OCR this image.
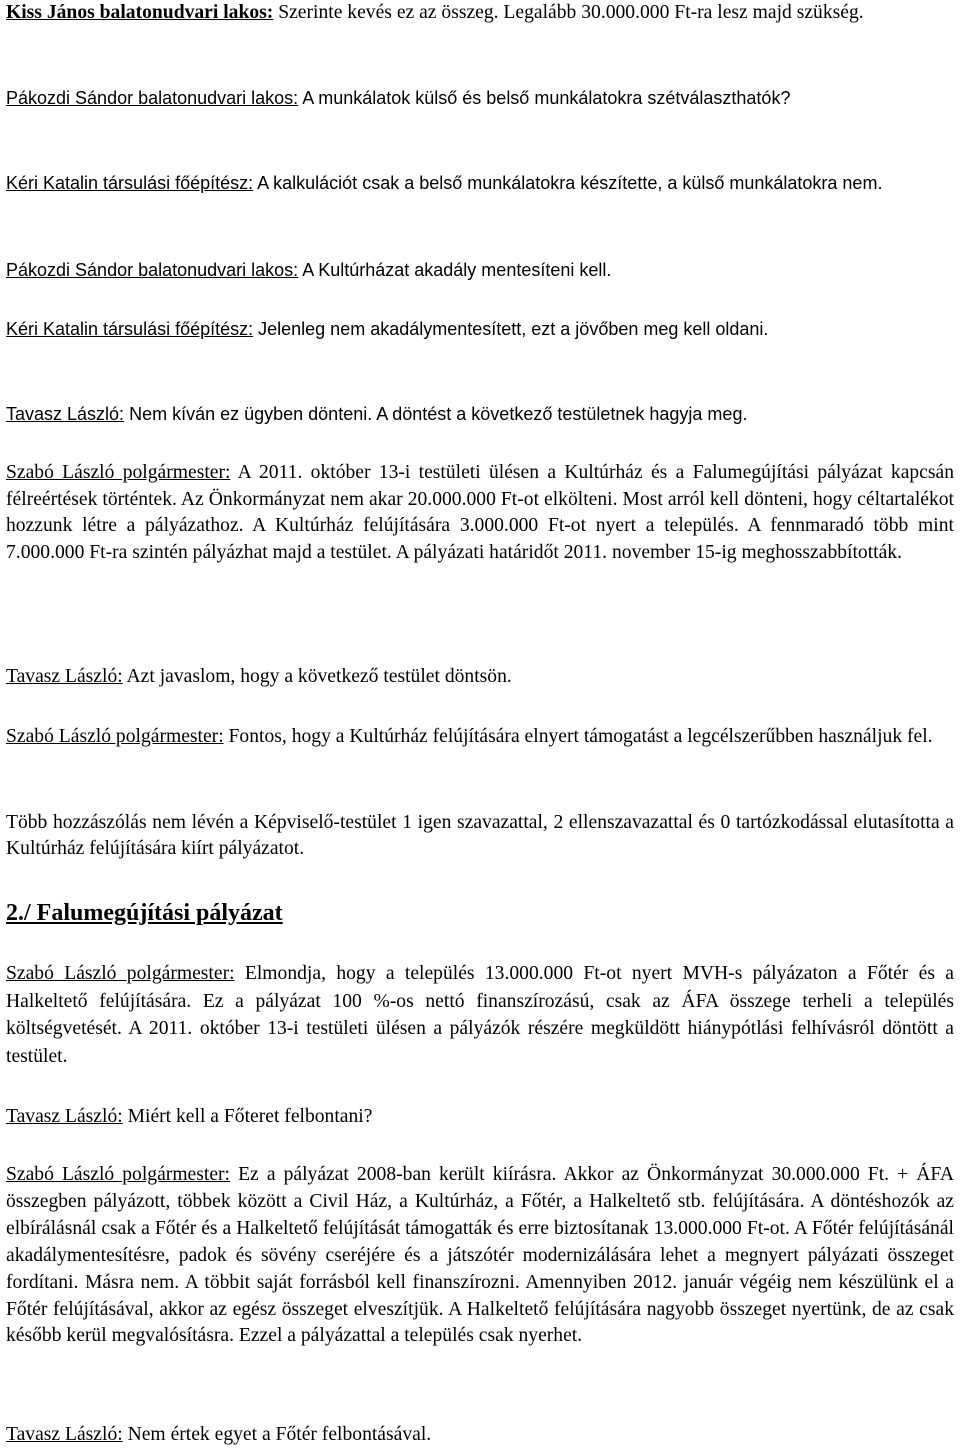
Kiss János balatonudvari lakos: Szerinte kevés ez az összeg. Legalább 30.000.000 Ft-ra lesz majd szükség.

Pákozdi Sándor balatonudvari lakos: A munkálatok külső és belső munkálatokra szétválaszthatók?

Kéri Katalin társulási főépítész: A kalkulációt csak a belső munkálatokra készítette, a külső munkálatokra nem.

Pákozdi Sándor balatonudvari lakos: A Kultúrházat akadály mentesíteni kell.

Kéri Katalin társulási főépítész: Jelenleg nem akadálymentesített, ezt a jövőben meg kell oldani.

Tavasz László: Nem kíván ez ügyben dönteni. A döntést a következő testületnek hagyja meg.

Szabó László polgármester: A 2011. október 13-i testületi ülésen a Kultúrház és a Falumegújítási pályázat kapcsán félreértések történtek. Az Önkormányzat nem akar 20.000.000 Ft-ot elkölteni. Most arról kell dönteni, hogy céltartalékot hozzunk létre a pályázathoz. A Kultúrház felújítására 3.000.000 Ft-ot nyert a település. A fennmaradó több mint 7.000.000 Ft-ra szintén pályázhat majd a testület. A pályázati határidőt 2011. november 15-ig meghosszabbították.

Tavasz László: Azt javaslom, hogy a következő testület döntsön.

Szabó László polgármester: Fontos, hogy a Kultúrház felújítására elnyert támogatást a legcélszerűbben használjuk fel.

Több hozzászólás nem lévén a Képviselő-testület 1 igen szavazattal, 2 ellenszavazattal és 0 tartózkodással elutasította a Kultúrház felújítására kiírt pályázatot.

2./ Falumegújítási pályázat

Szabó László polgármester: Elmondja, hogy a település 13.000.000 Ft-ot nyert MVH-s pályázaton a Főtér és a Halkeltető felújítására. Ez a pályázat 100 %-os nettó finanszírozású, csak az ÁFA összege terheli a település költségvetését. A 2011. október 13-i testületi ülésen a pályázók részére megküldött hiánypótlási felhívásról döntött a testület.

Tavasz László: Miért kell a Főteret felbontani?

Szabó László polgármester: Ez a pályázat 2008-ban került kiírásra. Akkor az Önkormányzat 30.000.000 Ft. + ÁFA összegben pályázott, többek között a Civil Ház, a Kultúrház, a Főtér, a Halkeltető stb. felújítására. A döntéshozók az elbírálásnál csak a Főtér és a Halkeltető felújítását támogatták és erre biztosítanak 13.000.000 Ft-ot. A Főtér felújításánál akadálymentesítésre, padok és sövény cseréjére és a játszótér modernizálására lehet a megnyert pályázati összeget fordítani. Másra nem. A többit saját forrásból kell finanszírozni. Amennyiben 2012. január végéig nem készülünk el a Főtér felújításával, akkor az egész összeget elveszítjük. A Halkeltető felújítására nagyobb összeget nyertünk, de az csak később kerül megvalósításra. Ezzel a pályázattal a település csak nyerhet.

Tavasz László: Nem értek egyet a Főtér felbontásával.
